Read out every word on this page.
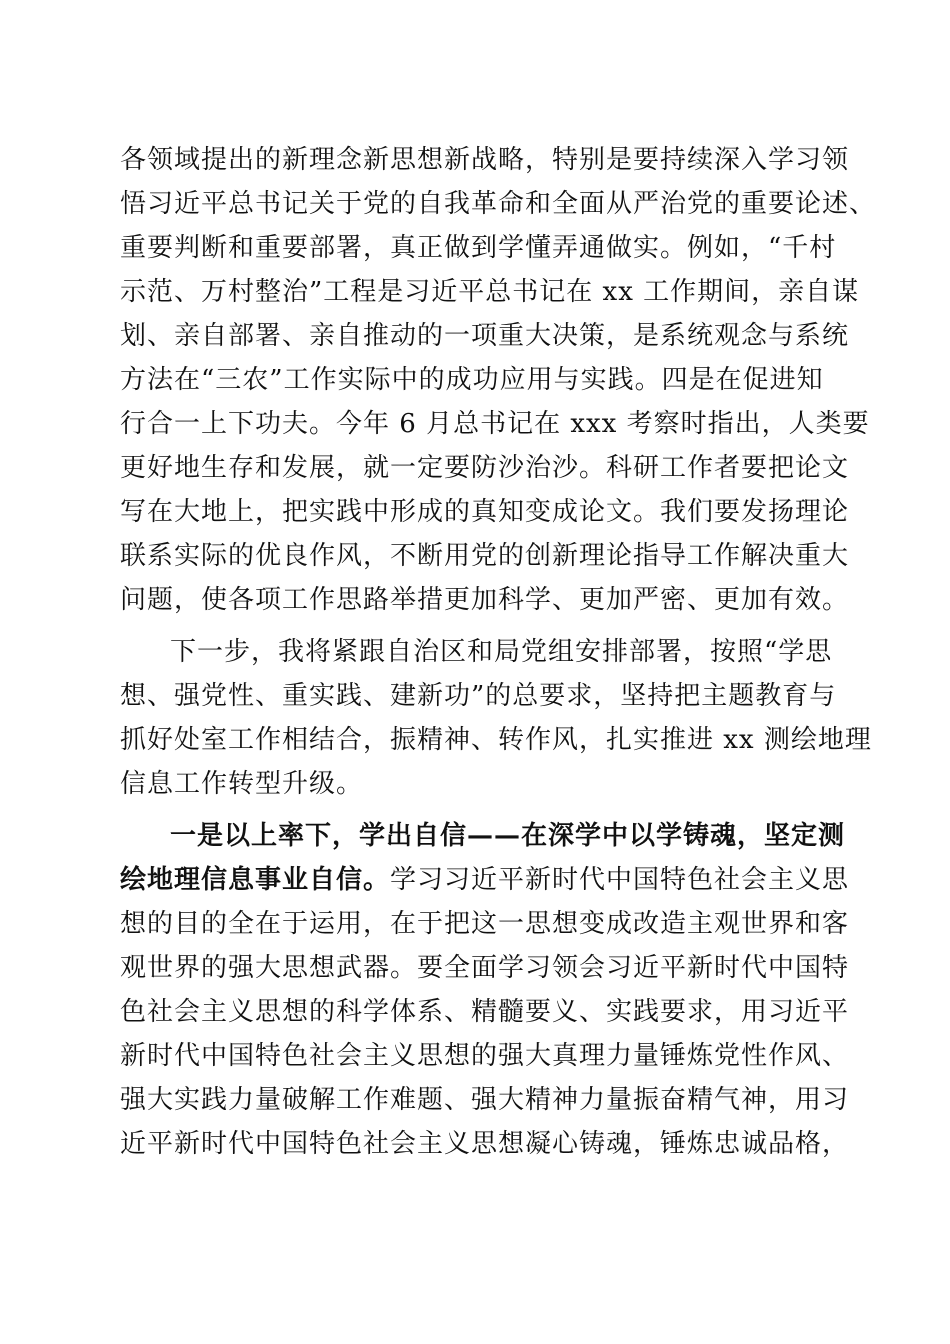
各领域提出的新理念新思想新战略，特别是要持续深入学习领
悟习近平总书记关于党的自我革命和全面从严治党的重要论述、
重要判断和重要部署，真正做到学懂弄通做实。例如，“千村
示范、万村整治”工程是习近平总书记在 xx 工作期间，亲自谋
划、亲自部署、亲自推动的一项重大决策，是系统观念与系统
方法在“三农”工作实际中的成功应用与实践。四是在促进知
行合一上下功夫。今年 6 月总书记在 xxx 考察时指出，人类要
更好地生存和发展，就一定要防沙治沙。科研工作者要把论文
写在大地上，把实践中形成的真知变成论文。我们要发扬理论
联系实际的优良作风，不断用党的创新理论指导工作解决重大
问题，使各项工作思路举措更加科学、更加严密、更加有效。
下一步，我将紧跟自治区和局党组安排部署，按照“学思
想、强党性、重实践、建新功”的总要求，坚持把主题教育与
抓好处室工作相结合，振精神、转作风，扎实推进 xx 测绘地理
信息工作转型升级。
一是以上率下，学出自信——在深学中以学铸魂，坚定测
绘地理信息事业自信。学习习近平新时代中国特色社会主义思
想的目的全在于运用，在于把这一思想变成改造主观世界和客
观世界的强大思想武器。要全面学习领会习近平新时代中国特
色社会主义思想的科学体系、精髓要义、实践要求，用习近平
新时代中国特色社会主义思想的强大真理力量锤炼党性作风、
强大实践力量破解工作难题、强大精神力量振奋精气神，用习
近平新时代中国特色社会主义思想凝心铸魂，锤炼忠诚品格，
